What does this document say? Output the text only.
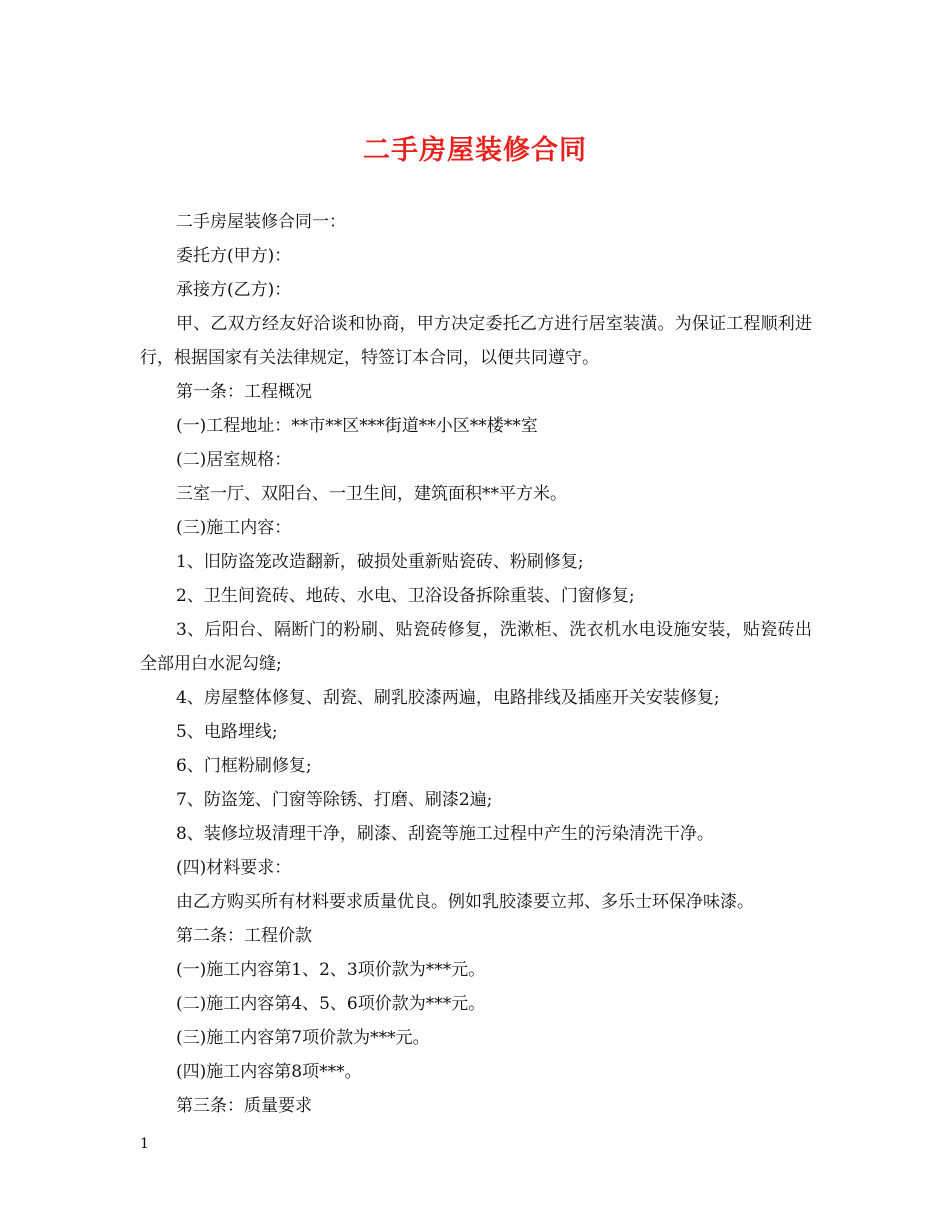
二手房屋装修合同

二手房屋装修合同一：

委托方(甲方)：

承接方(乙方)：

甲、乙双方经友好洽谈和协商，甲方决定委托乙方进行居室装潢。为保证工程顺利进行，根据国家有关法律规定，特签订本合同，以便共同遵守。

第一条：工程概况

(一)工程地址：**市**区***街道**小区**楼**室

(二)居室规格：

三室一厅、双阳台、一卫生间，建筑面积**平方米。

(三)施工内容：

1、旧防盗笼改造翻新，破损处重新贴瓷砖、粉刷修复;

2、卫生间瓷砖、地砖、水电、卫浴设备拆除重装、门窗修复;

3、后阳台、隔断门的粉刷、贴瓷砖修复，洗漱柜、洗衣机水电设施安装，贴瓷砖出全部用白水泥勾缝;

4、房屋整体修复、刮瓷、刷乳胶漆两遍，电路排线及插座开关安装修复;

5、电路埋线;

6、门框粉刷修复;

7、防盗笼、门窗等除锈、打磨、刷漆2遍;

8、装修垃圾清理干净，刷漆、刮瓷等施工过程中产生的污染清洗干净。

(四)材料要求：

由乙方购买所有材料要求质量优良。例如乳胶漆要立邦、多乐士环保净味漆。

第二条：工程价款

(一)施工内容第1、2、3项价款为***元。

(二)施工内容第4、5、6项价款为***元。

(三)施工内容第7项价款为***元。

(四)施工内容第8项***。

第三条：质量要求

1
